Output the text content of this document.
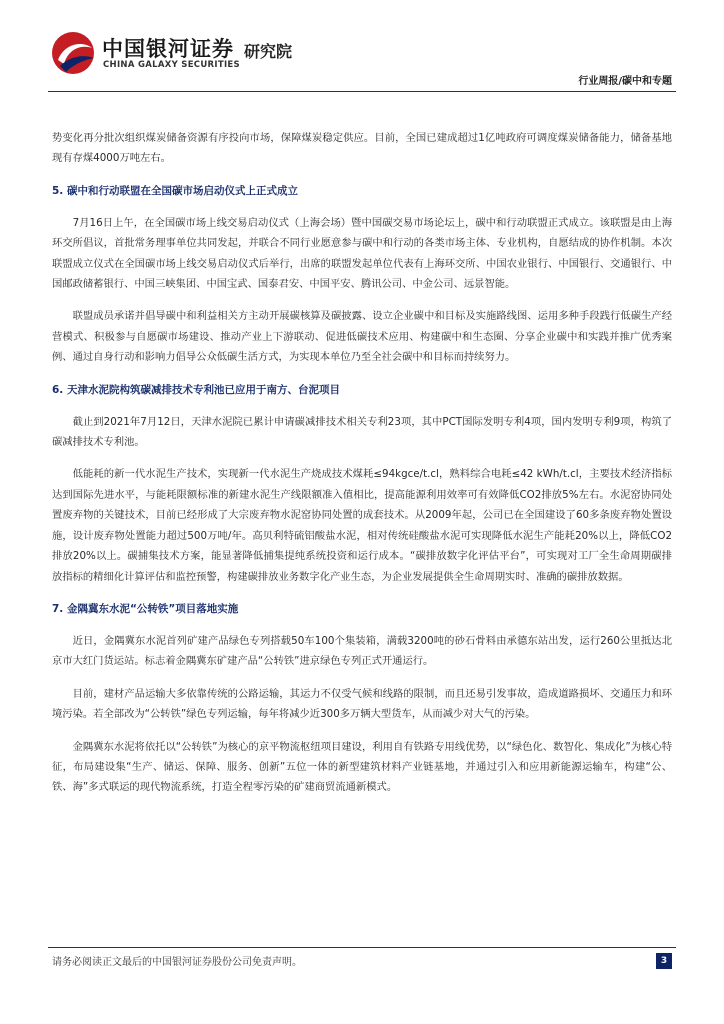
中国银河证券 研究院
CHINA GALAXY SECURITIES
行业周报/碳中和专题

势变化再分批次组织煤炭储备资源有序投向市场，保障煤炭稳定供应。目前，全国已建成超过1亿吨政府可调度煤炭储备能力，储备基地现有存煤4000万吨左右。

5. 碳中和行动联盟在全国碳市场启动仪式上正式成立

7月16日上午，在全国碳市场上线交易启动仪式（上海会场）暨中国碳交易市场论坛上，碳中和行动联盟正式成立。该联盟是由上海环交所倡议，首批常务理事单位共同发起，并联合不同行业愿意参与碳中和行动的各类市场主体、专业机构，自愿结成的协作机制。本次联盟成立仪式在全国碳市场上线交易启动仪式后举行，出席的联盟发起单位代表有上海环交所、中国农业银行、中国银行、交通银行、中国邮政储蓄银行、中国三峡集团、中国宝武、国泰君安、中国平安、腾讯公司、中金公司、远景智能。

联盟成员承诺并倡导碳中和利益相关方主动开展碳核算及碳披露、设立企业碳中和目标及实施路线图、运用多种手段践行低碳生产经营模式、积极参与自愿碳市场建设、推动产业上下游联动、促进低碳技术应用、构建碳中和生态圈、分享企业碳中和实践并推广优秀案例、通过自身行动和影响力倡导公众低碳生活方式，为实现本单位乃至全社会碳中和目标而持续努力。

6. 天津水泥院构筑碳减排技术专利池已应用于南方、台泥项目

截止到2021年7月12日，天津水泥院已累计申请碳减排技术相关专利23项，其中PCT国际发明专利4项，国内发明专利9项，构筑了碳减排技术专利池。

低能耗的新一代水泥生产技术，实现新一代水泥生产烧成技术煤耗≤94kgce/t.cl，熟料综合电耗≤42 kWh/t.cl，主要技术经济指标达到国际先进水平，与能耗限额标准的新建水泥生产线限额准入值相比，提高能源利用效率可有效降低CO2排放5%左右。水泥窑协同处置废弃物的关键技术，目前已经形成了大宗废弃物水泥窑协同处置的成套技术。从2009年起，公司已在全国建设了60多条废弃物处置设施，设计废弃物处置能力超过500万吨/年。高贝利特硫铝酸盐水泥，相对传统硅酸盐水泥可实现降低水泥生产能耗20%以上，降低CO2排放20%以上。碳捕集技术方案，能显著降低捕集提纯系统投资和运行成本。“碳排放数字化评估平台”，可实现对工厂全生命周期碳排放指标的精细化计算评估和监控预警，构建碳排放业务数字化产业生态，为企业发展提供全生命周期实时、准确的碳排放数据。

7. 金隅冀东水泥“公转铁”项目落地实施

近日，金隅冀东水泥首列矿建产品绿色专列搭载50车100个集装箱，满载3200吨的砂石骨料由承德东站出发，运行260公里抵达北京市大红门货运站。标志着金隅冀东矿建产品“公转铁”进京绿色专列正式开通运行。

目前，建材产品运输大多依靠传统的公路运输，其运力不仅受气候和线路的限制，而且还易引发事故，造成道路损坏、交通压力和环境污染。若全部改为“公转铁”绿色专列运输，每年将减少近300多万辆大型货车，从而减少对大气的污染。

金隅冀东水泥将依托以“公转铁”为核心的京平物流枢纽项目建设，利用自有铁路专用线优势，以“绿色化、数智化、集成化”为核心特征，布局建设集“生产、储运、保障、服务、创新”五位一体的新型建筑材料产业链基地，并通过引入和应用新能源运输车，构建“公、铁、海”多式联运的现代物流系统，打造全程零污染的矿建商贸流通新模式。

请务必阅读正文最后的中国银河证券股份公司免责声明。	3
